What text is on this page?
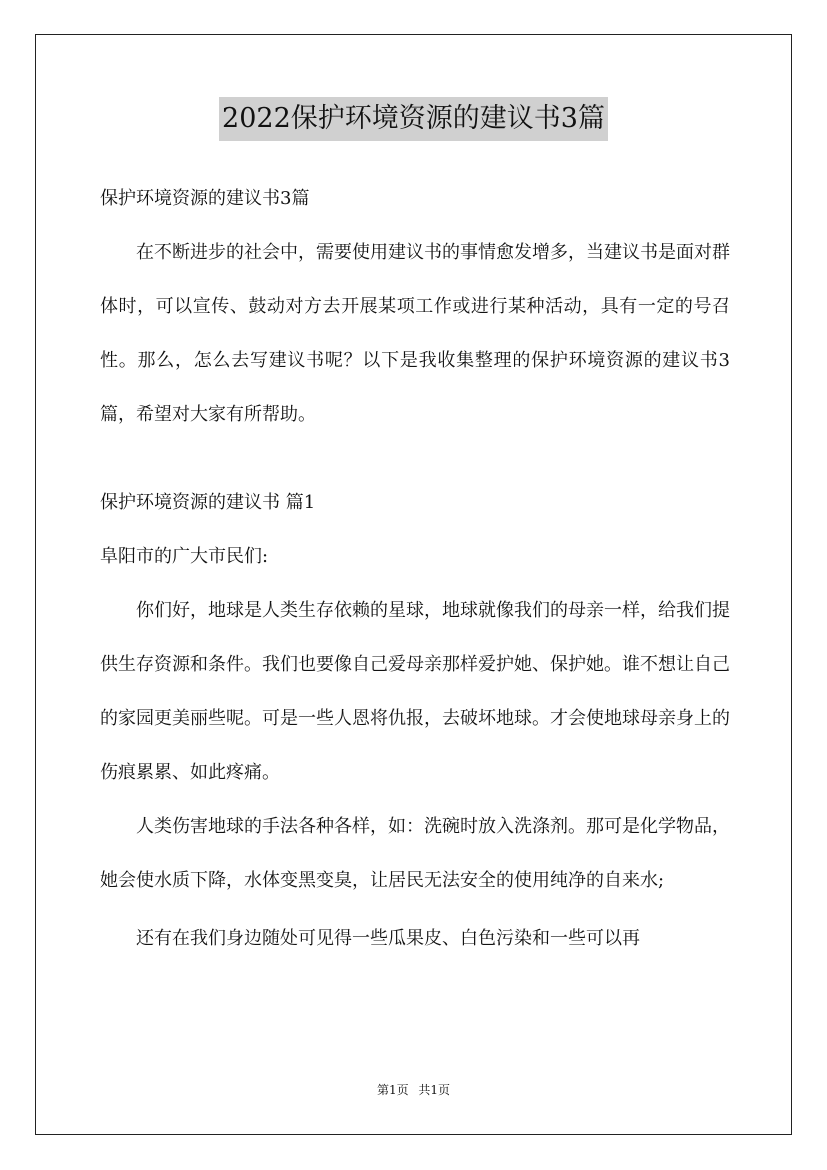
2022保护环境资源的建议书3篇

保护环境资源的建议书3篇

在不断进步的社会中，需要使用建议书的事情愈发增多，当建议书是面对群体时，可以宣传、鼓动对方去开展某项工作或进行某种活动，具有一定的号召性。那么，怎么去写建议书呢？以下是我收集整理的保护环境资源的建议书3篇，希望对大家有所帮助。

保护环境资源的建议书 篇1

阜阳市的广大市民们:

你们好，地球是人类生存依赖的星球，地球就像我们的母亲一样，给我们提供生存资源和条件。我们也要像自己爱母亲那样爱护她、保护她。谁不想让自己的家园更美丽些呢。可是一些人恩将仇报，去破坏地球。才会使地球母亲身上的伤痕累累、如此疼痛。

人类伤害地球的手法各种各样，如：洗碗时放入洗涤剂。那可是化学物品，她会使水质下降，水体变黑变臭，让居民无法安全的使用纯净的自来水;

还有在我们身边随处可见得一些瓜果皮、白色污染和一些可以再

第1页 共1页
